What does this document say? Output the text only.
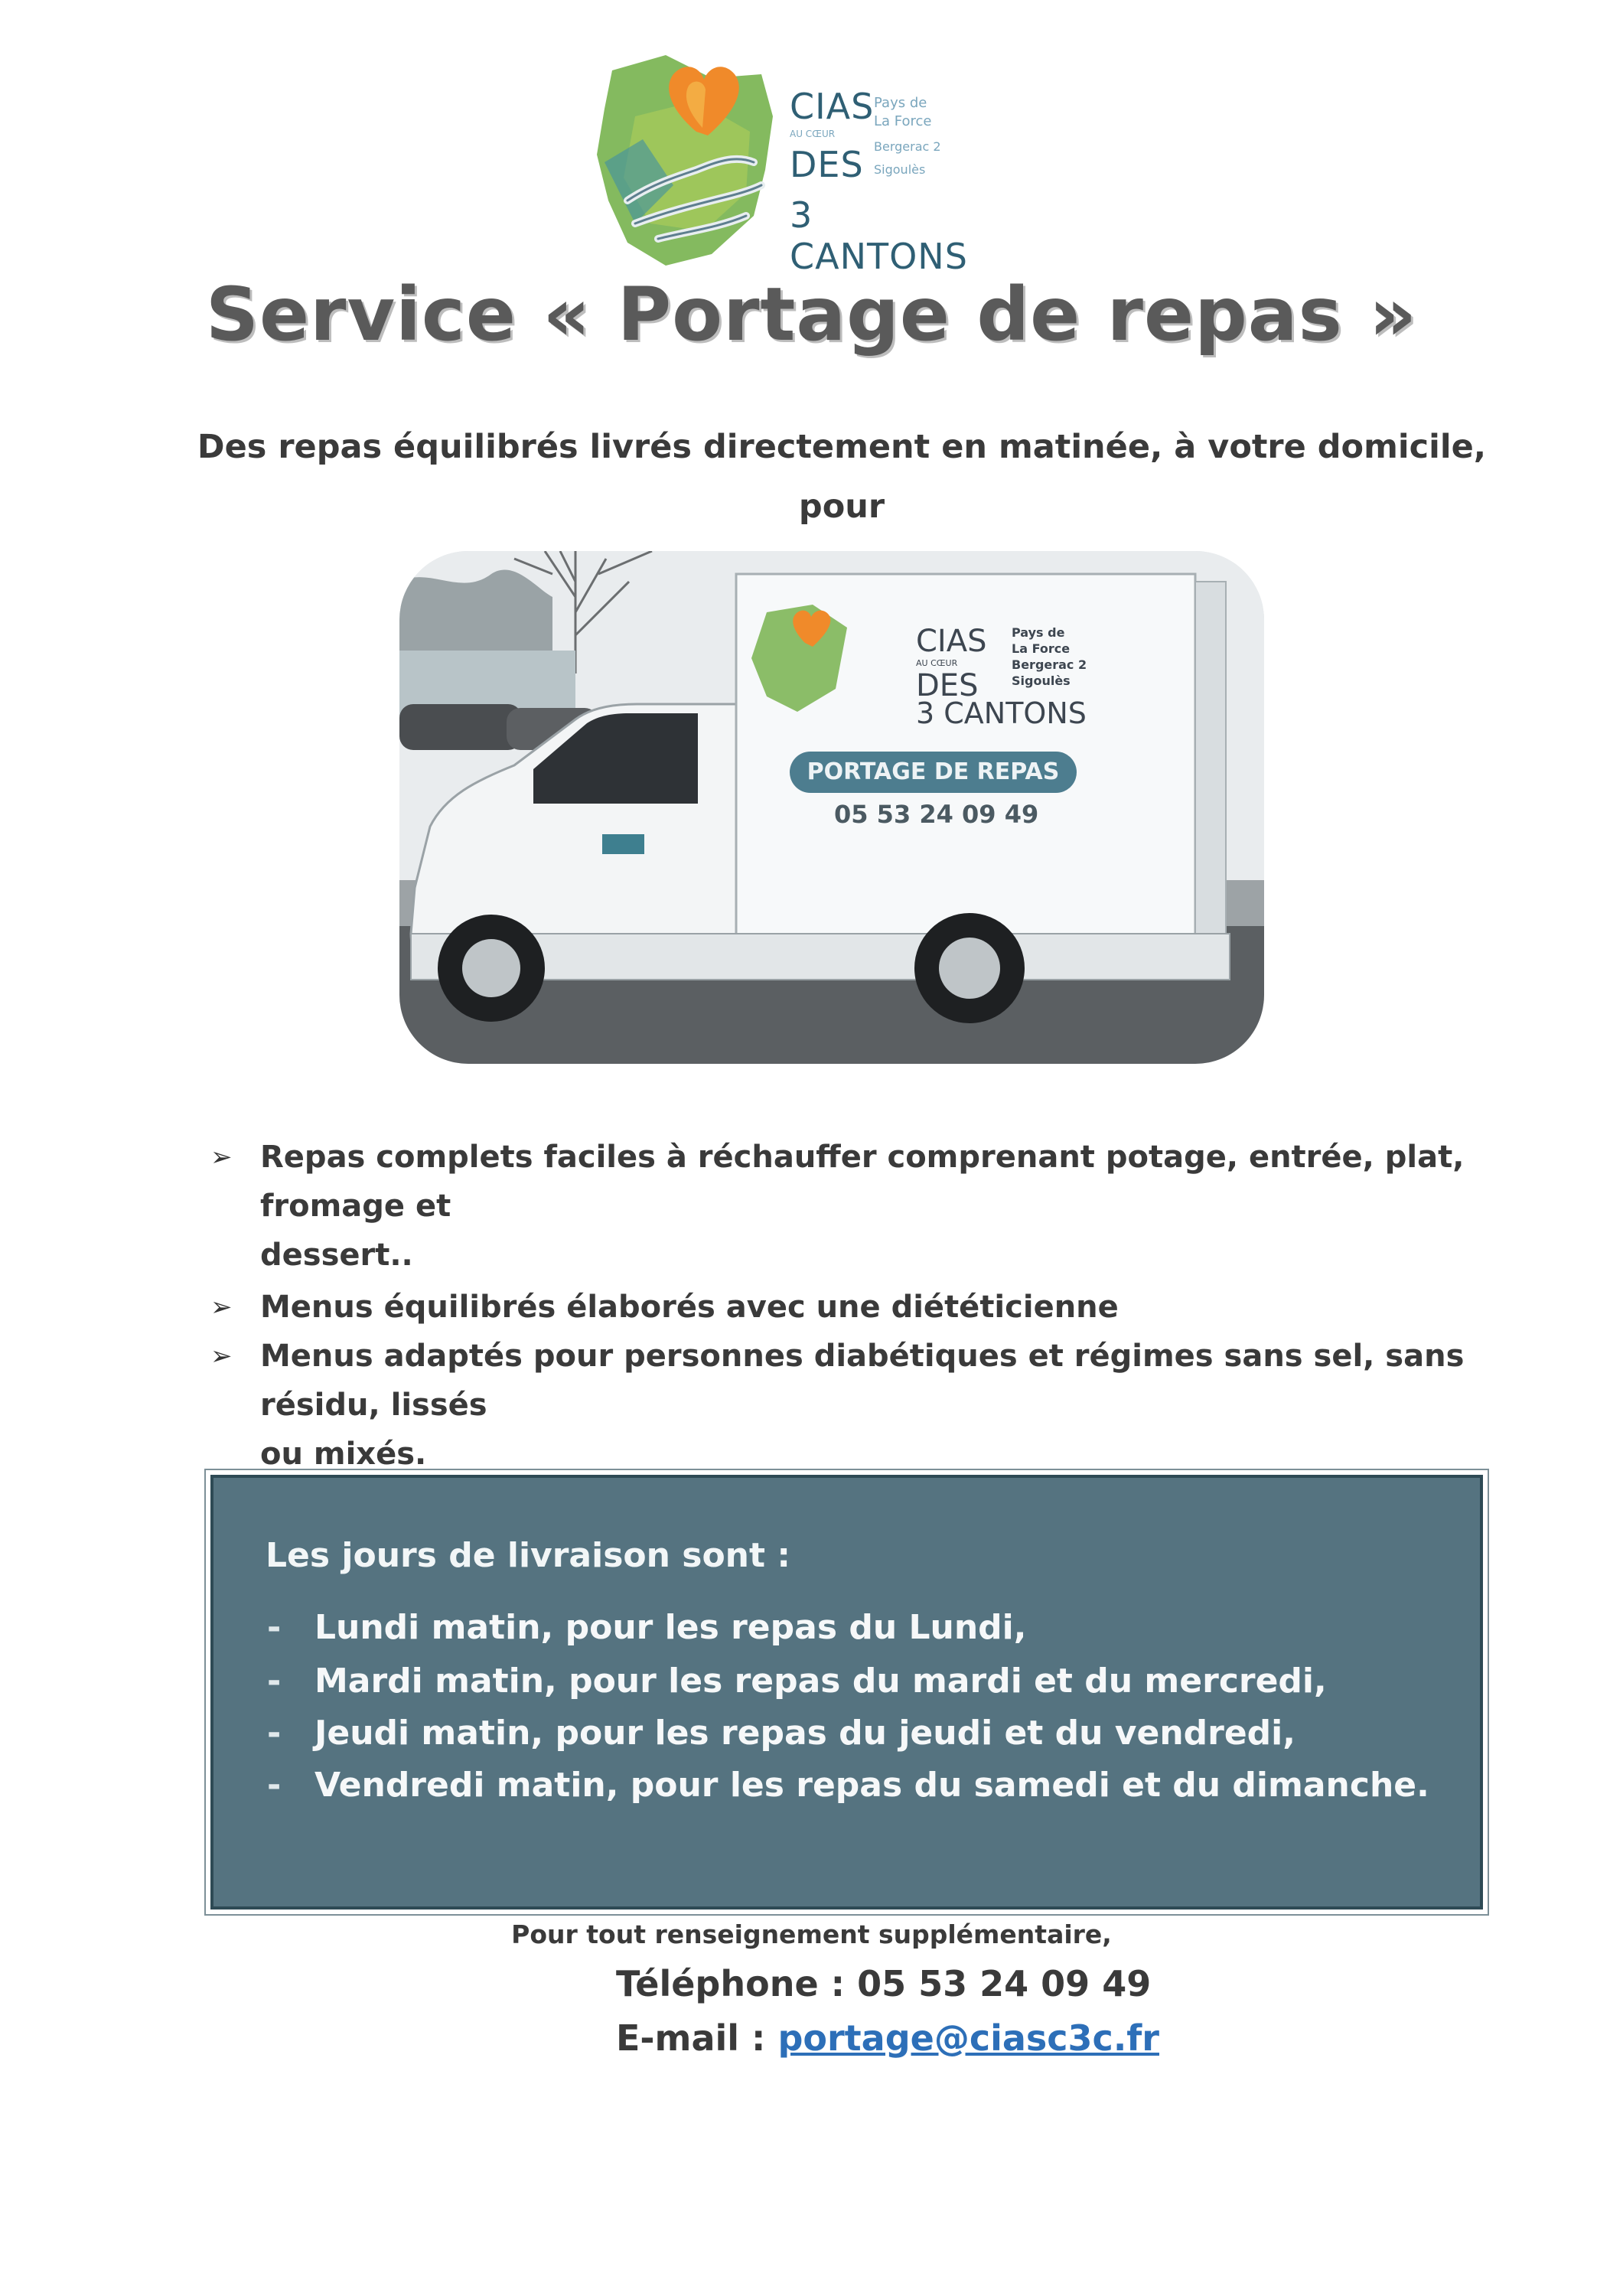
CIAS
AU CŒUR
DES
3 CANTONS
Pays de
La Force
Bergerac 2
Sigoulès
Service « Portage de repas »
Des repas équilibrés livrés directement en matinée, à votre domicile, pour
CIAS
AU CŒUR
DES
3 CANTONS
Pays de
La Force
Bergerac 2
Sigoulès
PORTAGE DE REPAS
05 53 24 09 49
➢ Repas complets faciles à réchauffer comprenant potage, entrée, plat, fromage et
dessert..
➢ Menus équilibrés élaborés avec une diététicienne
➢ Menus adaptés pour personnes diabétiques et régimes sans sel, sans résidu, lissés
ou mixés.
Les jours de livraison sont :
- Lundi matin, pour les repas du Lundi,
- Mardi matin, pour les repas du mardi et du mercredi,
- Jeudi matin, pour les repas du jeudi et du vendredi,
- Vendredi matin, pour les repas du samedi et du dimanche.
Pour tout renseignement supplémentaire,
Téléphone : 05 53 24 09 49
E-mail : portage@ciasc3c.fr
